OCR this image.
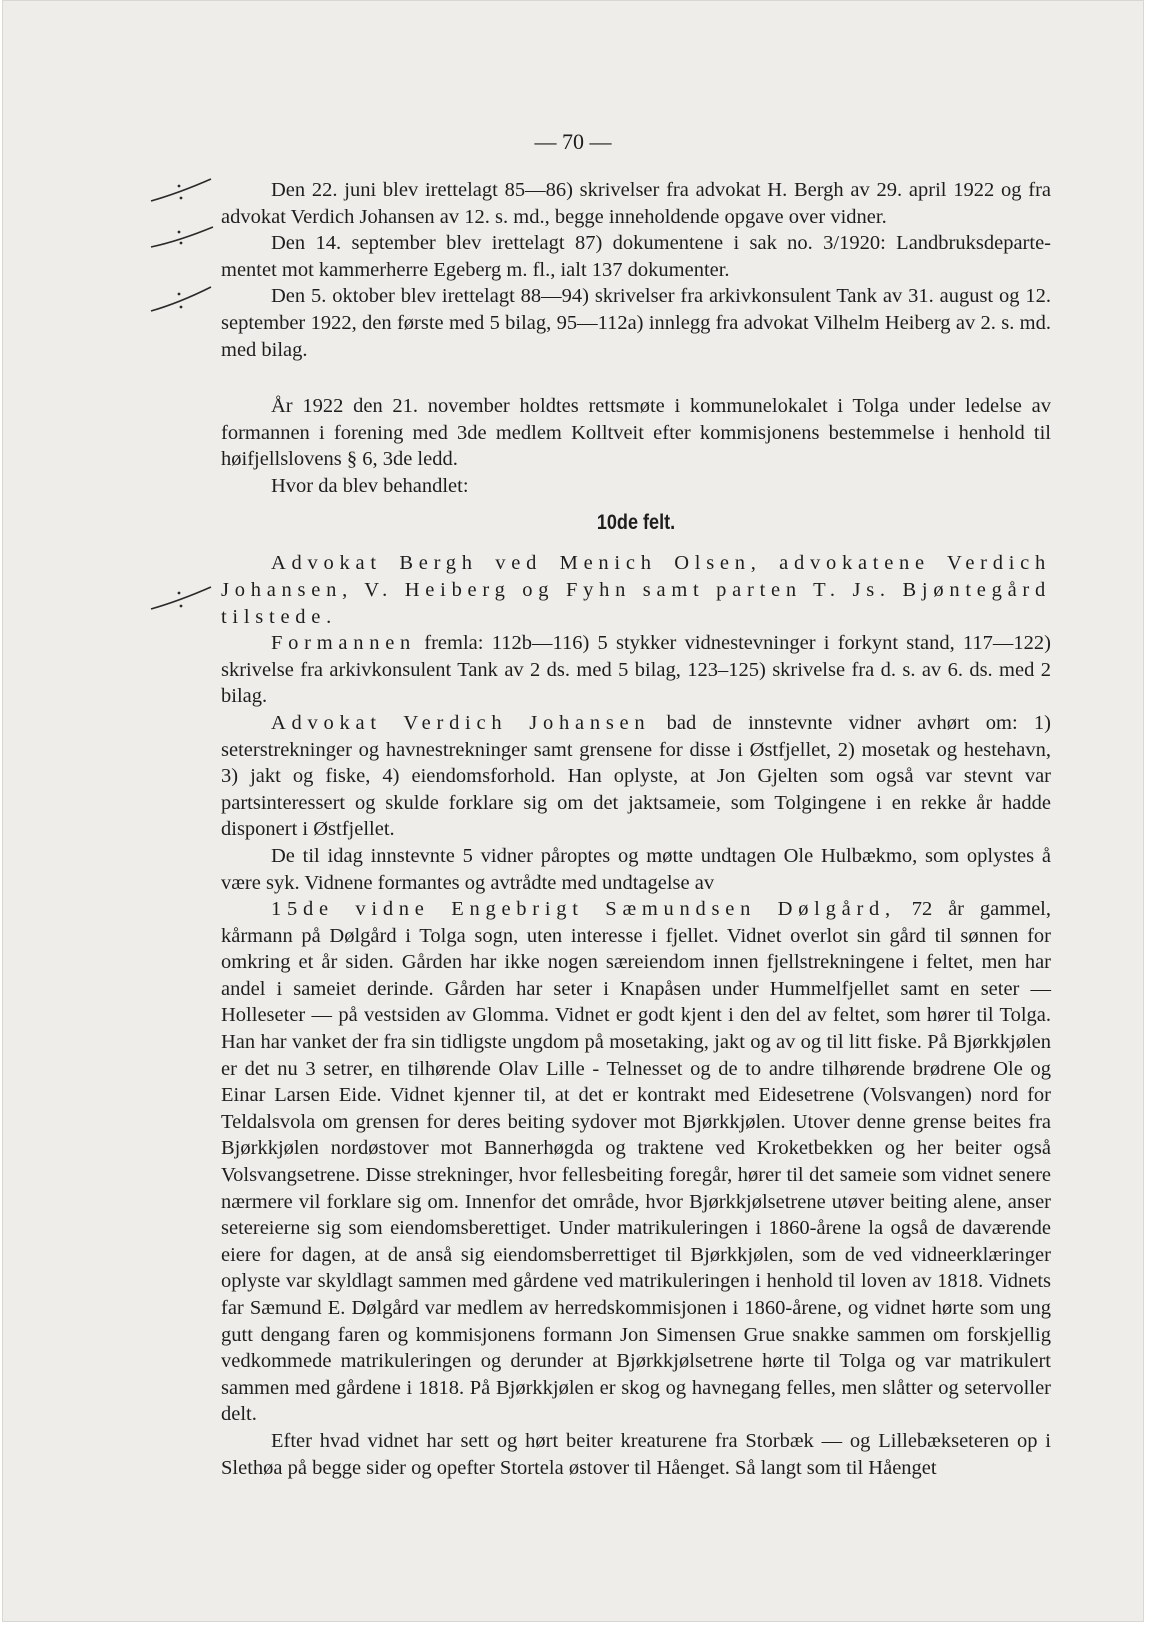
— 70 —

Den 22. juni blev irettelagt 85—86) skrivelser fra advokat H. Bergh av 29. april 1922 og fra advokat Verdich Johansen av 12. s. md., begge inneholdende opgave over vidner.

Den 14. september blev irettelagt 87) dokumentene i sak no. 3/1920: Landbruksdeparte- mentet mot kammerherre Egeberg m. fl., ialt 137 dokumenter.

Den 5. oktober blev irettelagt 88—94) skrivelser fra arkivkonsulent Tank av 31. august og 12. september 1922, den første med 5 bilag, 95—112a) innlegg fra advokat Vilhelm Heiberg av 2. s. md. med bilag.

År 1922 den 21. november holdtes rettsmøte i kommunelokalet i Tolga under ledelse av formannen i forening med 3de medlem Kolltveit efter kommisjonens bestemmelse i henhold til høifjellslovens § 6, 3de ledd.

Hvor da blev behandlet:

10de felt.

Advokat Bergh ved Menich Olsen, advokatene Verdich Johansen, V. Heiberg og Fyhn samt parten T. Js. Bjøntegård tilstede.

Formannen fremla: 112b—116) 5 stykker vidnestevninger i forkynt stand, 117—122) skrivelse fra arkivkonsulent Tank av 2 ds. med 5 bilag, 123–125) skrivelse fra d. s. av 6. ds. med 2 bilag.

Advokat Verdich Johansen bad de innstevnte vidner avhørt om: 1) seterstrekninger og havnestrekninger samt grensene for disse i Østfjellet, 2) mosetak og hestehavn, 3) jakt og fiske, 4) eiendomsforhold. Han oplyste, at Jon Gjelten som også var stevnt var partsinteressert og skulde forklare sig om det jaktsameie, som Tolgingene i en rekke år hadde disponert i Østfjellet.

De til idag innstevnte 5 vidner påroptes og møtte undtagen Ole Hulbækmo, som oplystes å være syk. Vidnene formantes og avtrådte med undtagelse av

15de vidne Engebrigt Sæmundsen Dølgård, 72 år gammel, kårmann på Dølgård i Tolga sogn, uten interesse i fjellet. Vidnet overlot sin gård til sønnen for omkring et år siden. Gården har ikke nogen særeiendom innen fjellstrekningene i feltet, men har andel i sameiet derinde. Gården har seter i Knapåsen under Hummelfjellet samt en seter — Holleseter — på vestsiden av Glomma. Vidnet er godt kjent i den del av feltet, som hører til Tolga. Han har vanket der fra sin tidligste ungdom på mosetaking, jakt og av og til litt fiske. På Bjørkkjølen er det nu 3 setrer, en tilhørende Olav Lille - Telnesset og de to andre tilhørende brødrene Ole og Einar Larsen Eide. Vidnet kjenner til, at det er kontrakt med Eidesetrene (Volsvangen) nord for Teldalsvola om grensen for deres beiting sydover mot Bjørkkjølen. Utover denne grense beites fra Bjørkkjølen nordøstover mot Bannerhøgda og traktene ved Kroketbekken og her beiter også Volsvangsetrene. Disse strekninger, hvor fellesbeiting foregår, hører til det sameie som vidnet senere nærmere vil forklare sig om. Innenfor det område, hvor Bjørkkjølsetrene utøver beiting alene, anser setereierne sig som eiendomsberettiget. Under matrikuleringen i 1860-årene la også de daværende eiere for dagen, at de anså sig eiendomsberrettiget til Bjørkkjølen, som de ved vidneerklæringer oplyste var skyldlagt sammen med gårdene ved matrikuleringen i henhold til loven av 1818. Vidnets far Sæmund E. Dølgård var medlem av herredskommisjonen i 1860-årene, og vidnet hørte som ung gutt dengang faren og kommisjonens formann Jon Simensen Grue snakke sammen om forskjellig vedkommede matrikuleringen og derunder at Bjørkkjølsetrene hørte til Tolga og var matrikulert sammen med gårdene i 1818. På Bjørkkjølen er skog og havnegang felles, men slåtter og setervoller delt.

Efter hvad vidnet har sett og hørt beiter kreaturene fra Storbæk — og Lillebækseteren op i Slethøa på begge sider og opefter Stortela østover til Håenget. Så langt som til Håenget
